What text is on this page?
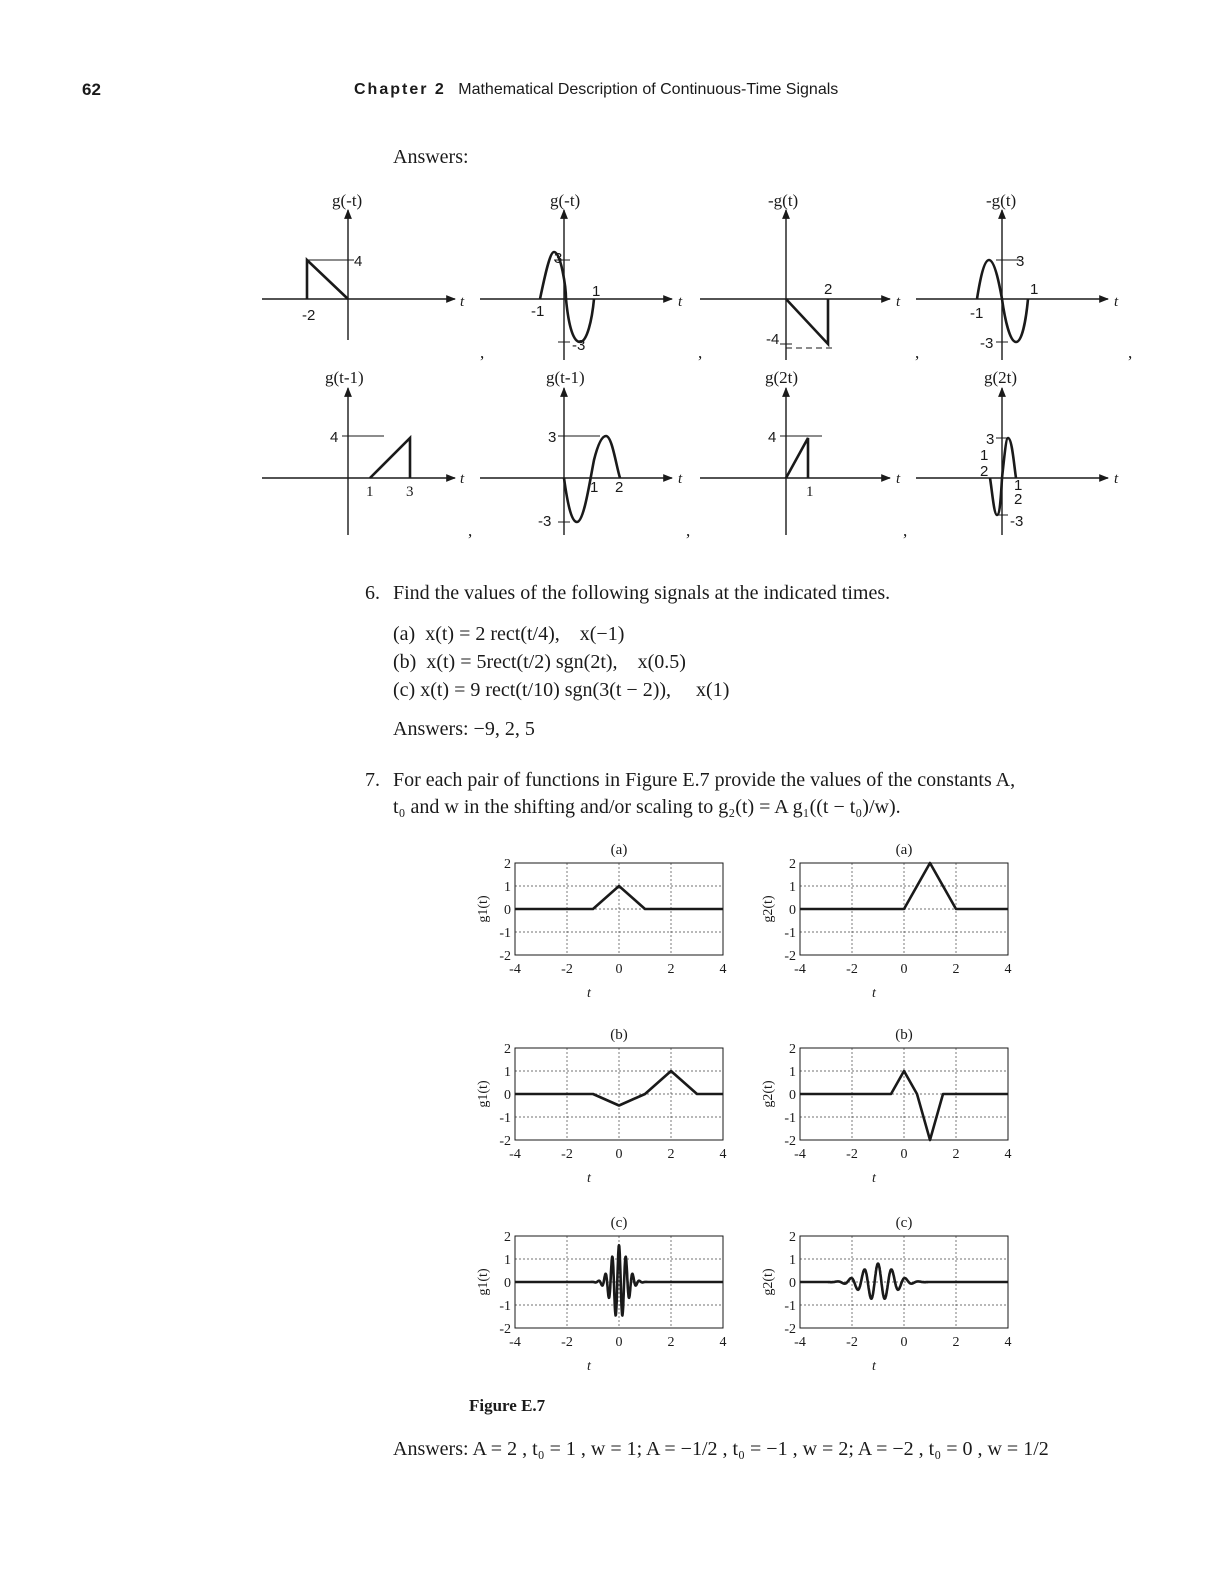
62	Chapter 2 Mathematical Description of Continuous-Time Signals
Answers:
g(-t)	g(-t)	-g(t)	-g(t)
g(t-1)	g(t-1)	g(2t)	g(2t)
t	t	t	t
t	t	t	t
4
-2
3
1
-1
-3
2
-4
3
1
-1
-3
4
1 3
3
1 2
-3
4
1
3
1
2
1
2
-3
,	,	,	,
,	,	,
6. Find the values of the following signals at the indicated times.
(a) x(t) = 2 rect(t/4), x(−1)
(b) x(t) = 5rect(t/2) sgn(2t), x(0.5)
(c) x(t) = 9 rect(t/10) sgn(3(t − 2)), x(1)
Answers: −9, 2, 5
7. For each pair of functions in Figure E.7 provide the values of the constants A,
t₀ and w in the shifting and/or scaling to g₂(t) = A g₁((t − t₀)/w).
(a)
2
1
0
-1
-2
-4	-2	0	2	4
t
g1(t)
(a)
2
1
0
-1
-2
-4	-2	0	2	4
t
g2(t)
(b)
2
1
0
-1
-2
-4	-2	0	2	4
t
g1(t)
(b)
2
1
0
-1
-2
-4	-2	0	2	4
t
g2(t)
(c)
2
1
0
-1
-2
-4	-2	0	2	4
t
g1(t)
(c)
2
1
0
-1
-2
-4	-2	0	2	4
t
g2(t)
Figure E.7
Answers: A = 2 , t₀ = 1 , w = 1; A = −1/2 , t₀ = −1 , w = 2; A = −2 , t₀ = 0 , w = 1/2
